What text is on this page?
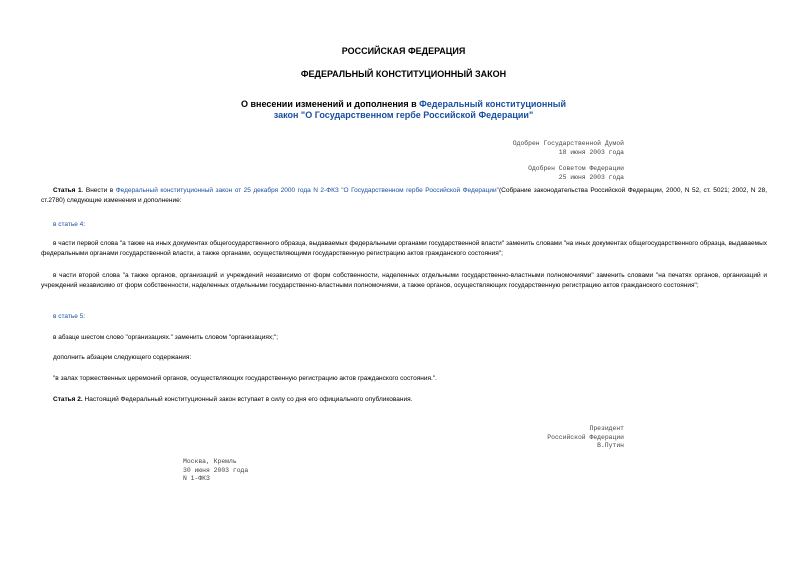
РОССИЙСКАЯ ФЕДЕРАЦИЯ
ФЕДЕРАЛЬНЫЙ КОНСТИТУЦИОННЫЙ ЗАКОН
О внесении изменений и дополнения в Федеральный конституционный
закон "О Государственном гербе Российской Федерации"
Одобрен Государственной Думой
18 июня 2003 года
Одобрен Советом Федерации
25 июня 2003 года

Статья 1. Внести в Федеральный конституционный закон от 25 декабря 2000 года N 2-ФКЗ "О Государственном гербе Российской Федерации"(Собрание законодательства Российской Федерации, 2000, N 52, ст. 5021; 2002, N 28, ст.2780) следующие изменения и дополнение:

в статье 4:

в части первой слова "а также на иных документах общегосударственного образца, выдаваемых федеральными органами государственной власти" заменить словами "на иных документах общегосударственного образца, выдаваемых федеральными органами государственной власти, а также органами, осуществляющими государственную регистрацию актов гражданского состояния";

в части второй слова "а также органов, организаций и учреждений независимо от форм собственности, наделенных отдельными государственно-властными полномочиями" заменить словами "на печатях органов, организаций и учреждений независимо от форм собственности, наделенных отдельными государственно-властными полномочиями, а также органов, осуществляющих государственную регистрацию актов гражданского состояния";

в статье 5:

в абзаце шестом слово "организациях." заменить словом "организациях;";

дополнить абзацем следующего содержания:

"в залах торжественных церемоний органов, осуществляющих государственную регистрацию актов гражданского состояния.".

Статья 2. Настоящий Федеральный конституционный закон вступает в силу со дня его официального опубликования.

Президент
Российской Федерации
В.Путин
Москва, Кремль
30 июня 2003 года
N 1-ФКЗ
